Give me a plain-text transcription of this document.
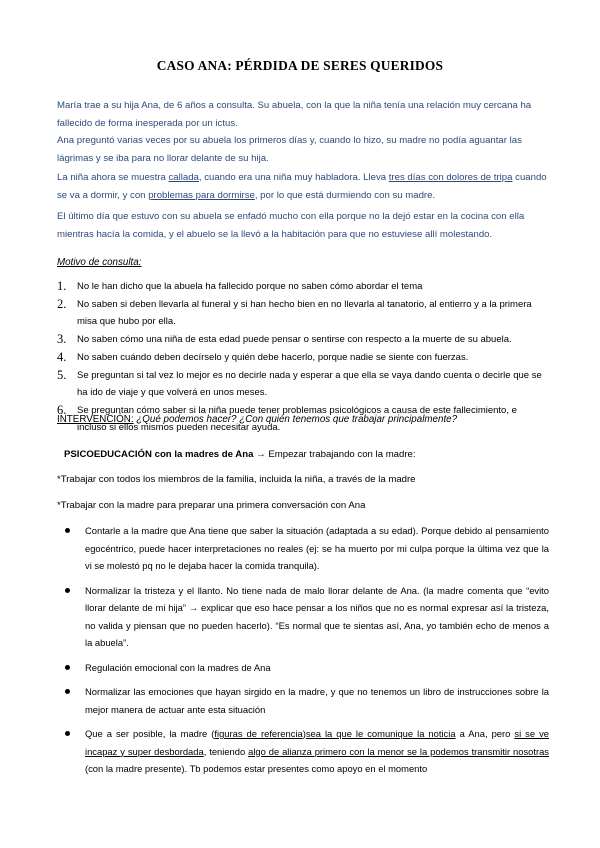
CASO ANA: PÉRDIDA DE SERES QUERIDOS
María trae a su hija Ana, de 6 años a consulta. Su abuela, con la que la niña tenía una relación muy cercana ha fallecido de forma inesperada por un ictus.
Ana preguntó varias veces por su abuela los primeros días y, cuando lo hizo, su madre no podía aguantar las lágrimas y se iba para no llorar delante de su hija.
La niña ahora se muestra callada, cuando era una niña muy habladora. Lleva tres días con dolores de tripa cuando se va a dormir, y con problemas para dormirse, por lo que está durmiendo con su madre.
El último día que estuvo con su abuela se enfadó mucho con ella porque no la dejó estar en la cocina con ella mientras hacía la comida, y el abuelo se la llevó a la habitación para que no estuviese allí molestando.
Motivo de consulta:
1. No le han dicho que la abuela ha fallecido porque no saben cómo abordar el tema
2. No saben si deben llevarla al funeral y si han hecho bien en no llevarla al tanatorio, al entierro y a la primera misa que hubo por ella.
3. No saben cómo una niña de esta edad puede pensar o sentirse con respecto a la muerte de su abuela.
4. No saben cuándo deben decírselo y quién debe hacerlo, porque nadie se siente con fuerzas.
5. Se preguntan si tal vez lo mejor es no decirle nada y esperar a que ella se vaya dando cuenta o decirle que se ha ido de viaje y que volverá en unos meses.
6. Se preguntan cómo saber si la niña puede tener problemas psicológicos a causa de este fallecimiento, e incluso si ellos mismos pueden necesitar ayuda.
INTERVENCIÓN: ¿Qué podemos hacer? ¿Con quién tenemos que trabajar principalmente?
PSICOEDUCACIÓN con la madres de Ana → Empezar trabajando con la madre:
*Trabajar con todos los miembros de la familia, incluida la niña, a través de la madre
*Trabajar con la madre para preparar una primera conversación con Ana
Contarle a la madre que Ana tiene que saber la situación (adaptada a su edad). Porque debido al pensamiento egocéntrico, puede hacer interpretaciones no reales (ej: se ha muerto por mi culpa porque la última vez que la vi se molestó pq no le dejaba hacer la comida tranquila).
Normalizar la tristeza y el llanto. No tiene nada de malo llorar delante de Ana. (la madre comenta que “evito llorar delante de mi hija” → explicar que eso hace pensar a los niños que no es normal expresar así la tristeza, no valida y piensan que no pueden hacerlo). “Es normal que te sientas así, Ana, yo también echo de menos a la abuela”.
Regulación emocional con la madres de Ana
Normalizar las emociones que hayan sirgido en la madre, y que no tenemos un libro de instrucciones sobre la mejor manera de actuar ante esta situación
Que a ser posible, la madre (figuras de referencia)sea la que le comunique la noticia a Ana, pero si se ve incapaz y super desbordada, teniendo algo de alianza primero con la menor se la podemos transmitir nosotras (con la madre presente). Tb podemos estar presentes como apoyo en el momento
